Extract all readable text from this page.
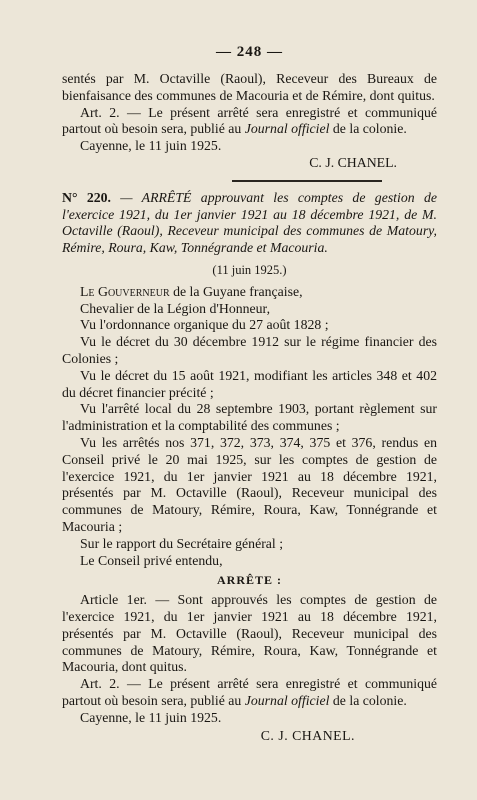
— 248 —

sentés par M. Octaville (Raoul), Receveur des Bureaux de bienfaisance des communes de Macouria et de Rémire, dont quitus.

Art. 2. — Le présent arrêté sera enregistré et communiqué partout où besoin sera, publié au Journal officiel de la colonie.

Cayenne, le 11 juin 1925.

C. J. CHANEL.

N° 220. — ARRÊTÉ approuvant les comptes de gestion de l'exercice 1921, du 1er janvier 1921 au 18 décembre 1921, de M. Octaville (Raoul), Receveur municipal des communes de Matoury, Rémire, Roura, Kaw, Tonnégrande et Macouria.

(11 juin 1925.)

Le Gouverneur de la Guyane française,

Chevalier de la Légion d'Honneur,

Vu l'ordonnance organique du 27 août 1828 ;

Vu le décret du 30 décembre 1912 sur le régime financier des Colonies ;

Vu le décret du 15 août 1921, modifiant les articles 348 et 402 du décret financier précité ;

Vu l'arrêté local du 28 septembre 1903, portant règlement sur l'administration et la comptabilité des communes ;

Vu les arrêtés nos 371, 372, 373, 374, 375 et 376, rendus en Conseil privé le 20 mai 1925, sur les comptes de gestion de l'exercice 1921, du 1er janvier 1921 au 18 décembre 1921, présentés par M. Octaville (Raoul), Receveur municipal des communes de Matoury, Rémire, Roura, Kaw, Tonnégrande et Macouria ;

Sur le rapport du Secrétaire général ;

Le Conseil privé entendu,

ARRÊTE :

Article 1er. — Sont approuvés les comptes de gestion de l'exercice 1921, du 1er janvier 1921 au 18 décembre 1921, présentés par M. Octaville (Raoul), Receveur municipal des communes de Matoury, Rémire, Roura, Kaw, Tonnégrande et Macouria, dont quitus.

Art. 2. — Le présent arrêté sera enregistré et communiqué partout où besoin sera, publié au Journal officiel de la colonie.

Cayenne, le 11 juin 1925.

C. J. CHANEL.
